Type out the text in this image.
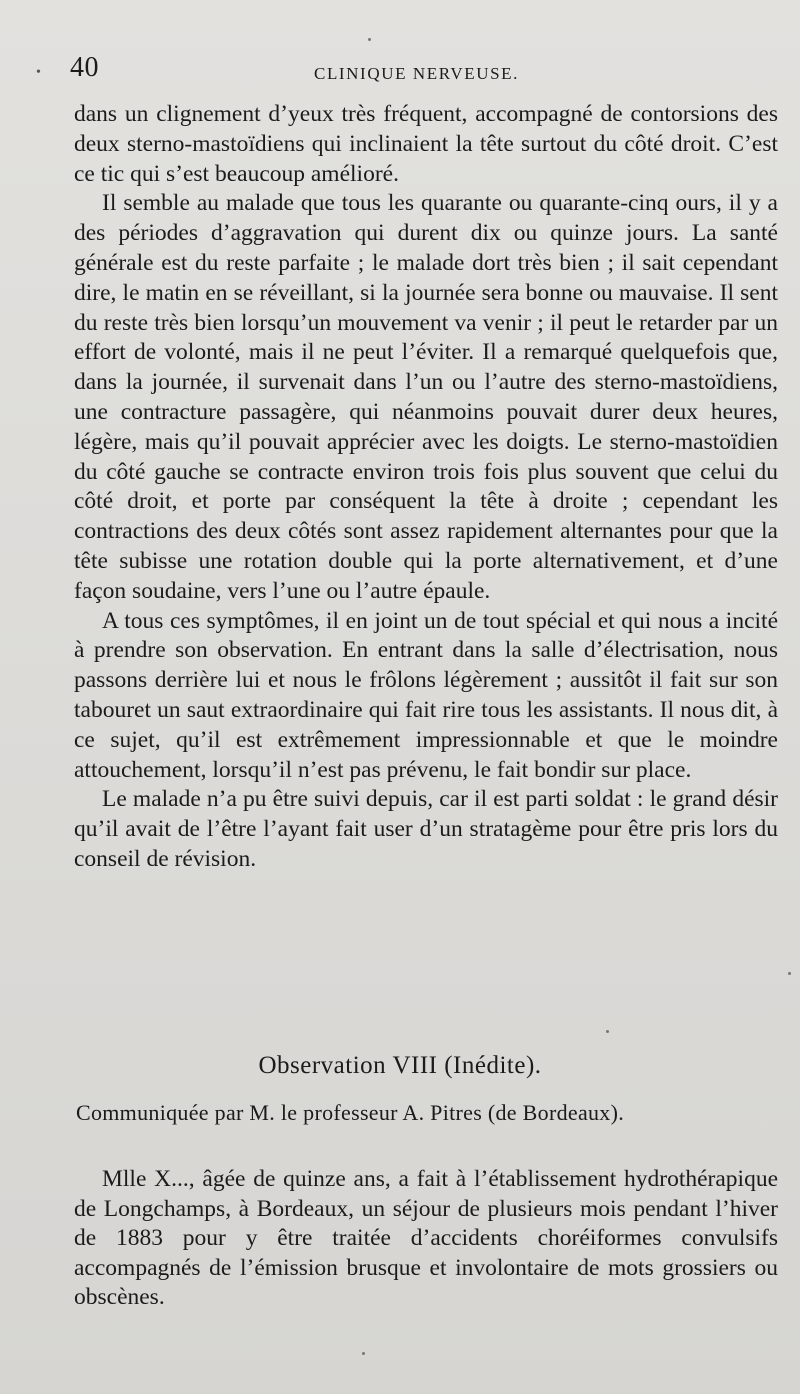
• 40	CLINIQUE NERVEUSE.

dans un clignement d’yeux très fréquent, accompagné de contorsions des deux sterno-mastoïdiens qui inclinaient la tête surtout du côté droit. C’est ce tic qui s’est beaucoup amélioré.

Il semble au malade que tous les quarante ou quarante-cinq ours, il y a des périodes d’aggravation qui durent dix ou quinze jours. La santé générale est du reste parfaite ; le malade dort très bien ; il sait cependant dire, le matin en se réveillant, si la journée sera bonne ou mauvaise. Il sent du reste très bien lorsqu’un mouvement va venir ; il peut le retarder par un effort de volonté, mais il ne peut l’éviter. Il a remarqué quelquefois que, dans la journée, il survenait dans l’un ou l’autre des sterno-mastoïdiens, une contracture passagère, qui néanmoins pouvait durer deux heures, légère, mais qu’il pouvait apprécier avec les doigts. Le sterno-mastoïdien du côté gauche se contracte environ trois fois plus souvent que celui du côté droit, et porte par conséquent la tête à droite ; cependant les contractions des deux côtés sont assez rapidement alternantes pour que la tête subisse une rotation double qui la porte alternativement, et d’une façon soudaine, vers l’une ou l’autre épaule.

A tous ces symptômes, il en joint un de tout spécial et qui nous a incité à prendre son observation. En entrant dans la salle d’électrisation, nous passons derrière lui et nous le frôlons légèrement ; aussitôt il fait sur son tabouret un saut extraordinaire qui fait rire tous les assistants. Il nous dit, à ce sujet, qu’il est extrêmement impressionnable et que le moindre attouchement, lorsqu’il n’est pas prévenu, le fait bondir sur place.

Le malade n’a pu être suivi depuis, car il est parti soldat : le grand désir qu’il avait de l’être l’ayant fait user d’un stratagème pour être pris lors du conseil de révision.

Observation VIII (Inédite).
Communiquée par M. le professeur A. Pitres (de Bordeaux).

Mlle X..., âgée de quinze ans, a fait à l’établissement hydrothérapique de Longchamps, à Bordeaux, un séjour de plusieurs mois pendant l’hiver de 1883 pour y être traitée d’accidents choréiformes convulsifs accompagnés de l’émission brusque et involontaire de mots grossiers ou obscènes.
